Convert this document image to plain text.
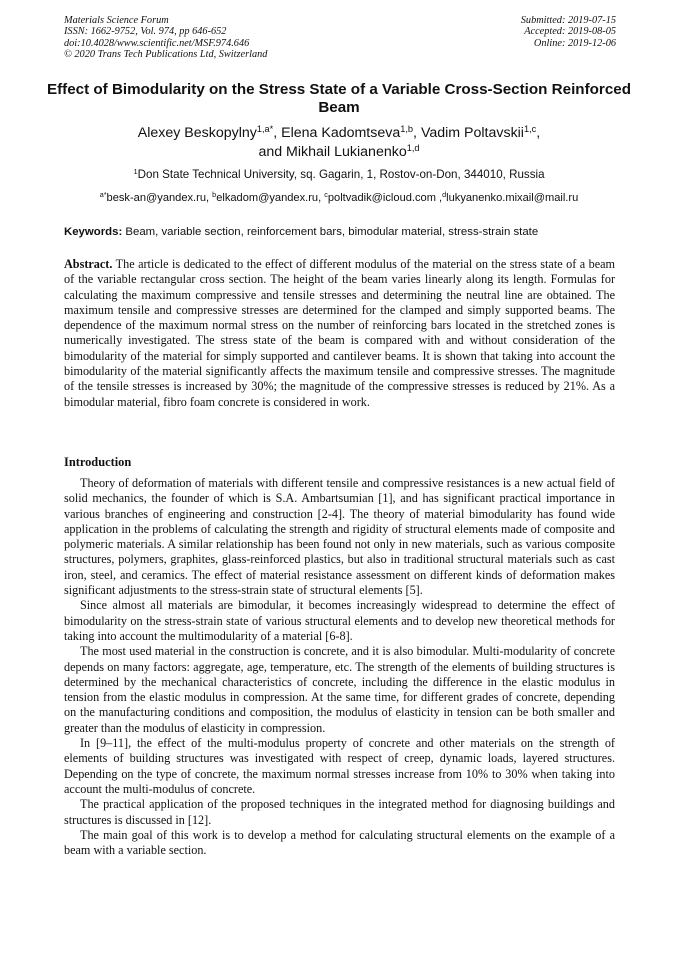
Materials Science Forum
ISSN: 1662-9752, Vol. 974, pp 646-652
doi:10.4028/www.scientific.net/MSF.974.646
© 2020 Trans Tech Publications Ltd, Switzerland
Submitted: 2019-07-15
Accepted: 2019-08-05
Online: 2019-12-06
Effect of Bimodularity on the Stress State of a Variable Cross-Section Reinforced Beam
Alexey Beskopylny$^{1,a*}$, Elena Kadomtseva$^{1,b}$, Vadim Poltavskii$^{1,c}$,
and Mikhail Lukianenko$^{1,d}$
$^1$Don State Technical University, sq. Gagarin, 1, Rostov-on-Don, 344010, Russia
$^{a*}$besk-an@yandex.ru, $^b$elkadom@yandex.ru, $^c$poltvadik@icloud.com ,$^d$lukyanenko.mixail@mail.ru
Keywords: Beam, variable section, reinforcement bars, bimodular material, stress-strain state
Abstract. The article is dedicated to the effect of different modulus of the material on the stress state of a beam of the variable rectangular cross section. The height of the beam varies linearly along its length. Formulas for calculating the maximum compressive and tensile stresses and determining the neutral line are obtained. The maximum tensile and compressive stresses are determined for the clamped and simply supported beams. The dependence of the maximum normal stress on the number of reinforcing bars located in the stretched zones is numerically investigated. The stress state of the beam is compared with and without consideration of the bimodularity of the material for simply supported and cantilever beams. It is shown that taking into account the bimodularity of the material significantly affects the maximum tensile and compressive stresses. The magnitude of the tensile stresses is increased by 30%; the magnitude of the compressive stresses is reduced by 21%. As a bimodular material, fibro foam concrete is considered in work.
Introduction

Theory of deformation of materials with different tensile and compressive resistances is a new actual field of solid mechanics, the founder of which is S.A. Ambartsumian [1], and has significant practical importance in various branches of engineering and construction [2-4]. The theory of material bimodularity has found wide application in the problems of calculating the strength and rigidity of structural elements made of composite and polymeric materials. A similar relationship has been found not only in new materials, such as various composite structures, polymers, graphites, glass-reinforced plastics, but also in traditional structural materials such as cast iron, steel, and ceramics. The effect of material resistance assessment on different kinds of deformation makes significant adjustments to the stress-strain state of structural elements [5].

Since almost all materials are bimodular, it becomes increasingly widespread to determine the effect of bimodularity on the stress-strain state of various structural elements and to develop new theoretical methods for taking into account the multimodularity of a material [6-8].

The most used material in the construction is concrete, and it is also bimodular. Multi-modularity of concrete depends on many factors: aggregate, age, temperature, etc. The strength of the elements of building structures is determined by the mechanical characteristics of concrete, including the difference in the elastic modulus in tension from the elastic modulus in compression. At the same time, for different grades of concrete, depending on the manufacturing conditions and composition, the modulus of elasticity in tension can be both smaller and greater than the modulus of elasticity in compression.

In [9–11], the effect of the multi-modulus property of concrete and other materials on the strength of elements of building structures was investigated with respect of creep, dynamic loads, layered structures. Depending on the type of concrete, the maximum normal stresses increase from 10% to 30% when taking into account the multi-modulus of concrete.

The practical application of the proposed techniques in the integrated method for diagnosing buildings and structures is discussed in [12].

The main goal of this work is to develop a method for calculating structural elements on the example of a beam with a variable section.
